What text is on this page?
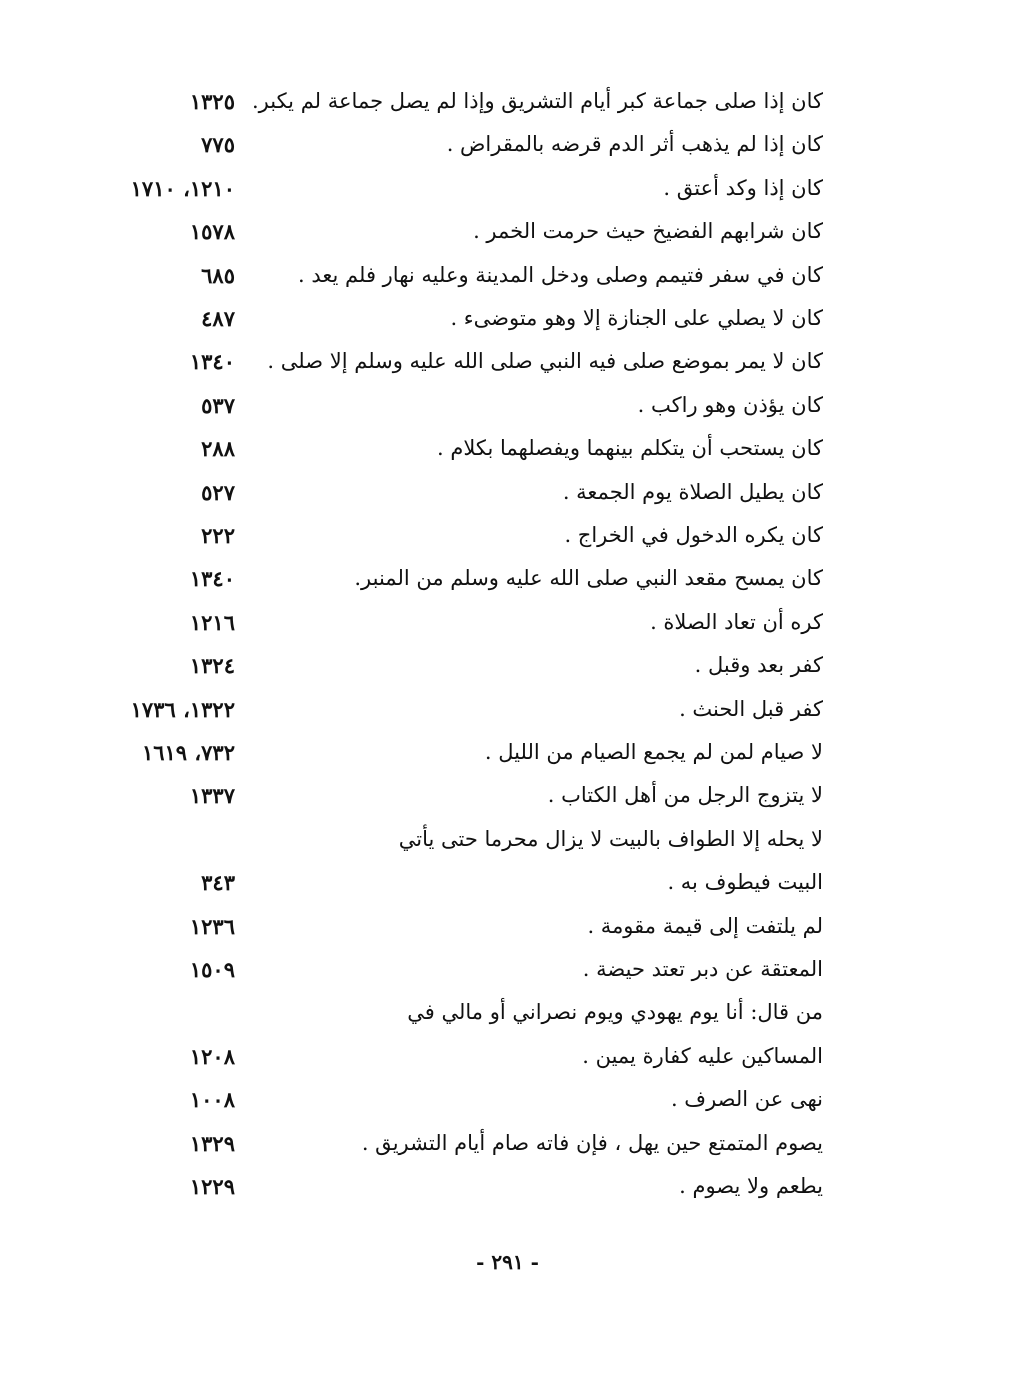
كان إذا صلى جماعة كبر أيام التشريق وإذا لم يصل جماعة لم يكبر.
١٣٢٥
كان إذا لم يذهب أثر الدم قرضه بالمقراض .
٧٧٥
كان إذا وكد أعتق .
١٢١٠، ١٧١٠
كان شرابهم الفضيخ حيث حرمت الخمر .
١٥٧٨
كان في سفر فتيمم وصلى ودخل المدينة وعليه نهار فلم يعد .
٦٨٥
كان لا يصلي على الجنازة إلا وهو متوضىء .
٤٨٧
كان لا يمر بموضع صلى فيه النبي صلى الله عليه وسلم إلا صلى .
١٣٤٠
كان يؤذن وهو راكب .
٥٣٧
كان يستحب أن يتكلم بينهما ويفصلهما بكلام .
٢٨٨
كان يطيل الصلاة يوم الجمعة .
٥٢٧
كان يكره الدخول في الخراج .
٢٢٢
كان يمسح مقعد النبي صلى الله عليه وسلم من المنبر.
١٣٤٠
كره أن تعاد الصلاة .
١٢١٦
كفر بعد وقبل .
١٣٢٤
كفر قبل الحنث .
١٣٢٢، ١٧٣٦
لا صيام لمن لم يجمع الصيام من الليل .
٧٣٢، ١٦١٩
لا يتزوج الرجل من أهل الكتاب .
١٣٣٧
لا يحله إلا الطواف بالبيت لا يزال محرما حتى يأتي
البيت فيطوف به .
٣٤٣
لم يلتفت إلى قيمة مقومة .
١٢٣٦
المعتقة عن دبر تعتد حيضة .
١٥٠٩
من قال: أنا يوم يهودي ويوم نصراني أو مالي في
المساكين عليه كفارة يمين .
١٢٠٨
نهى عن الصرف .
١٠٠٨
يصوم المتمتع حين يهل ، فإن فاته صام أيام التشريق .
١٣٢٩
يطعم ولا يصوم .
١٢٢٩
- ٢٩١ -
